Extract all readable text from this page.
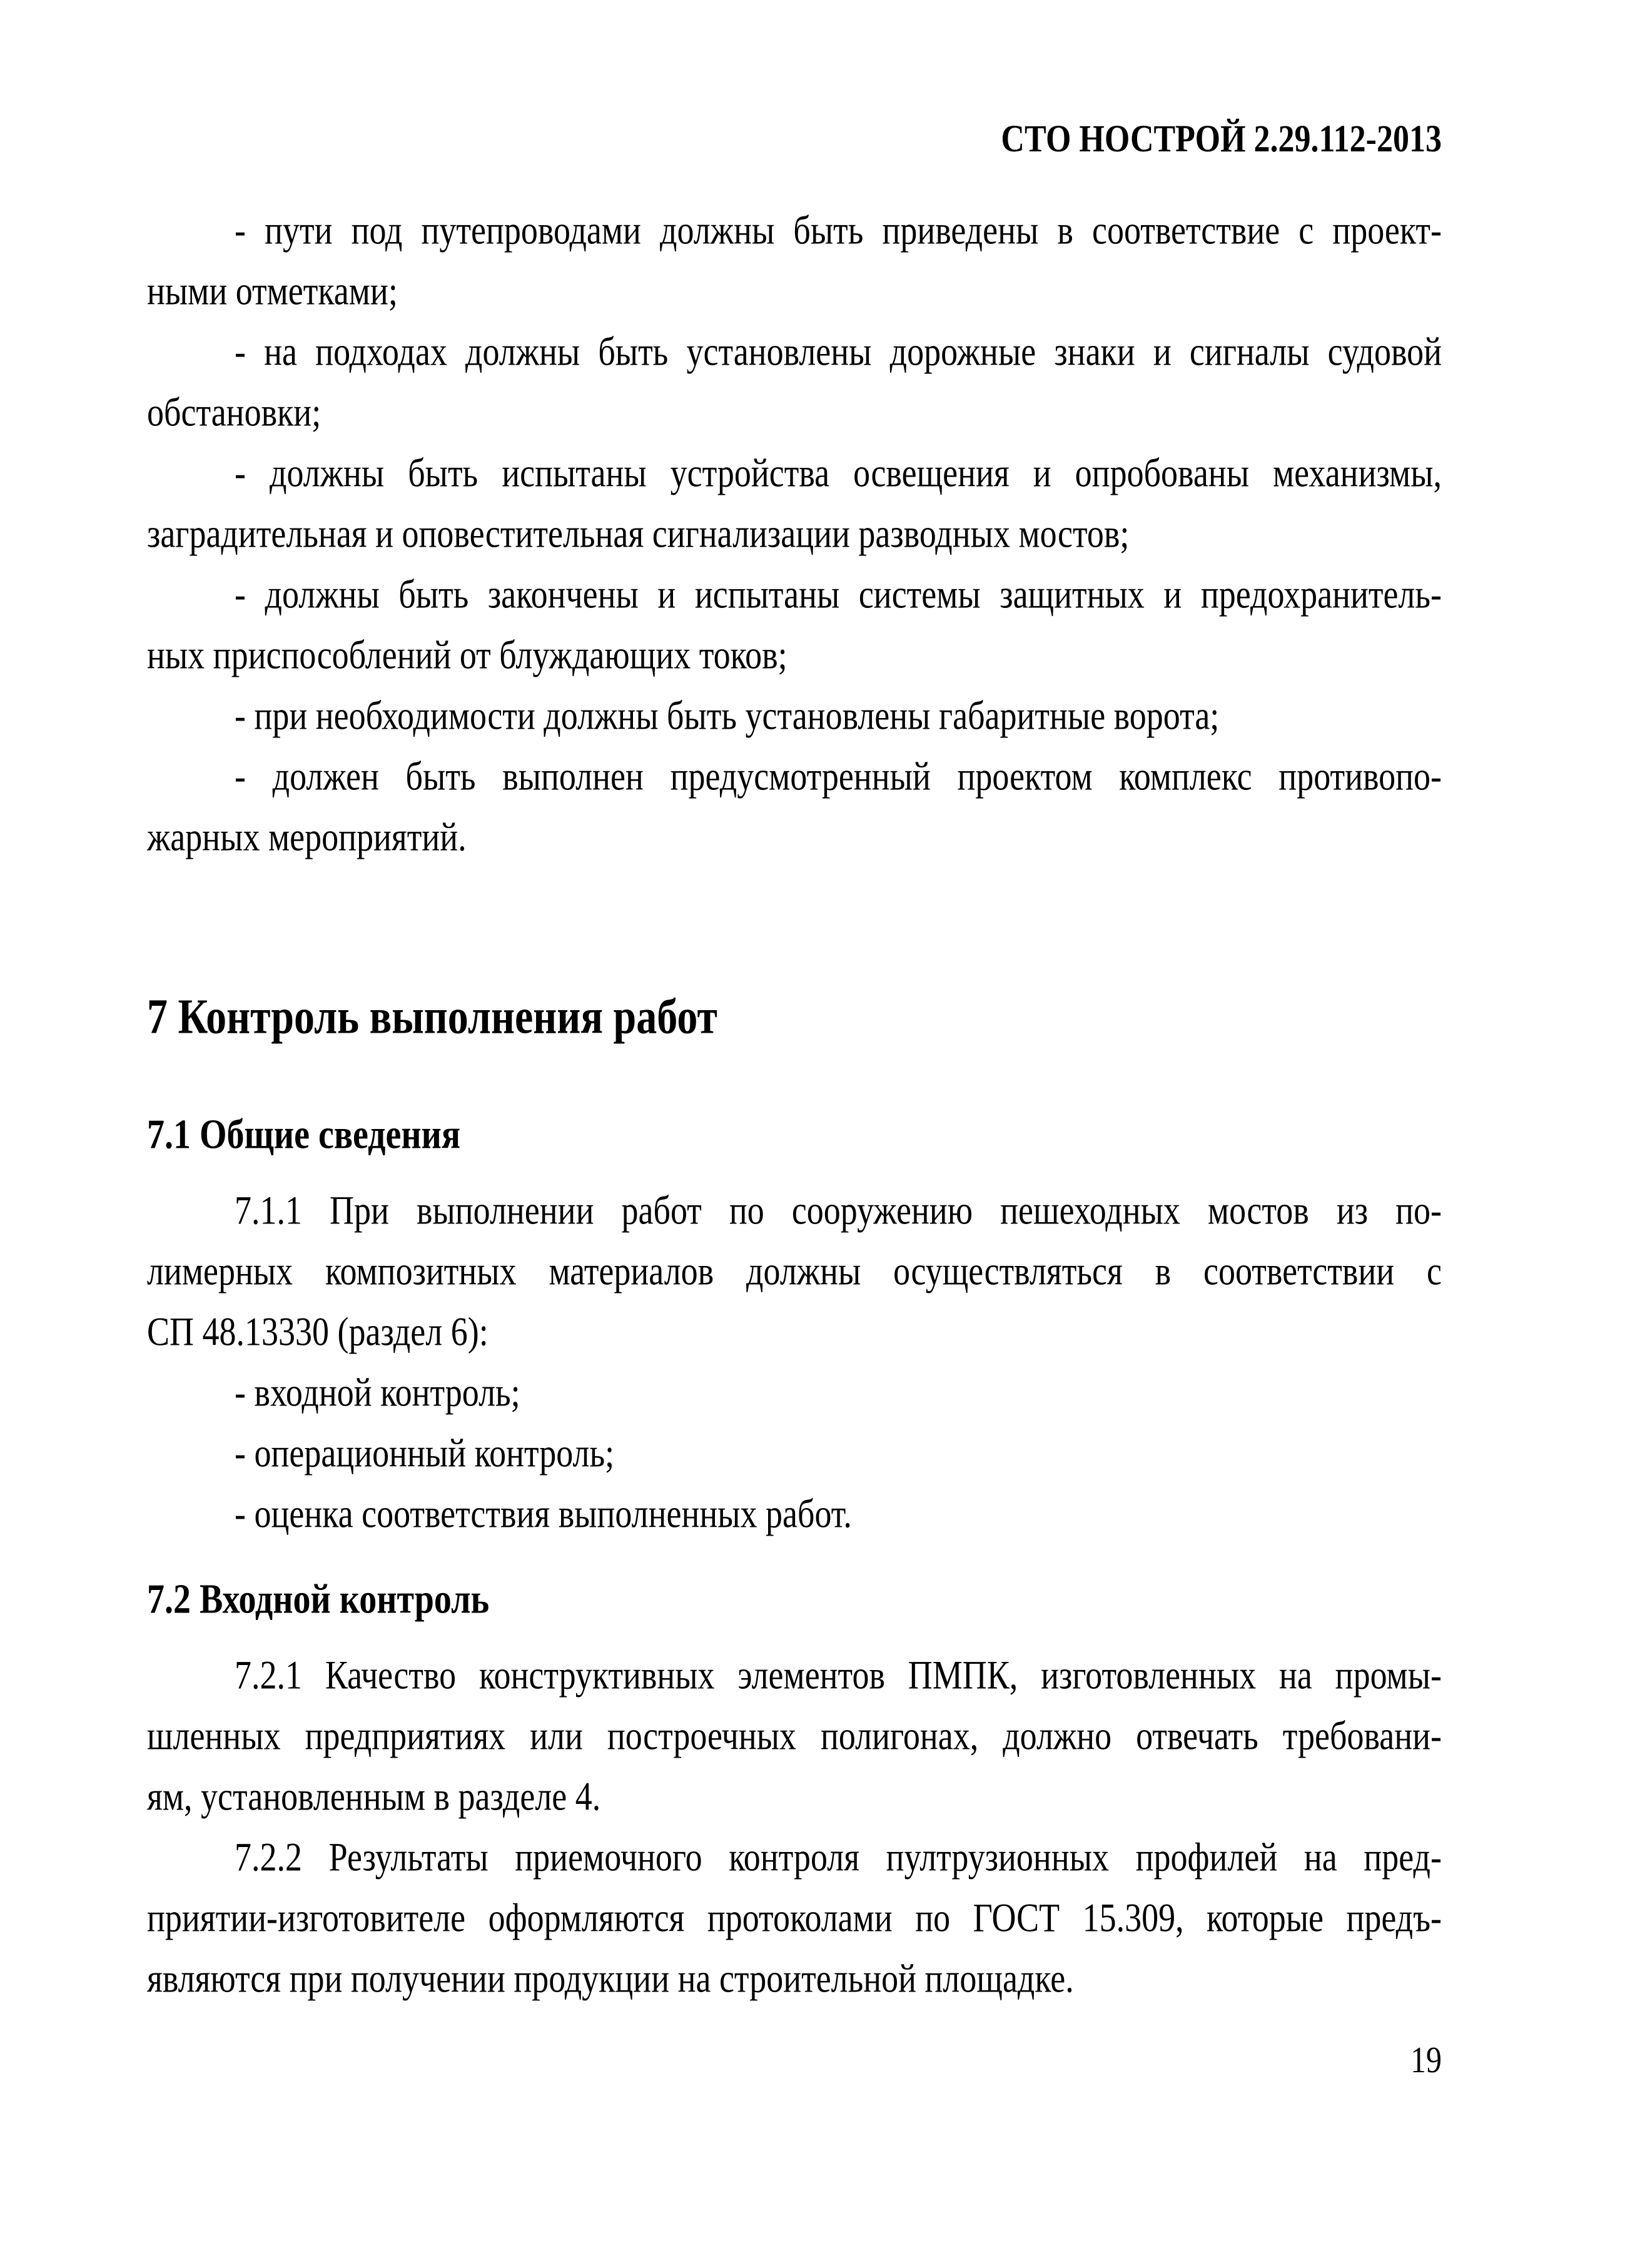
СТО НОСТРОЙ 2.29.112-2013
- пути под путепроводами должны быть приведены в соответствие с проект-
ными отметками;
- на подходах должны быть установлены дорожные знаки и сигналы судовой
обстановки;
- должны быть испытаны устройства освещения и опробованы механизмы,
заградительная и оповестительная сигнализации разводных мостов;
- должны быть закончены и испытаны системы защитных и предохранитель-
ных приспособлений от блуждающих токов;
- при необходимости должны быть установлены габаритные ворота;
- должен быть выполнен предусмотренный проектом комплекс противопо-
жарных мероприятий.
7 Контроль выполнения работ
7.1 Общие сведения
7.1.1 При выполнении работ по сооружению пешеходных мостов из по-
лимерных композитных материалов должны осуществляться в соответствии с
СП 48.13330 (раздел 6):
- входной контроль;
- операционный контроль;
- оценка соответствия выполненных работ.
7.2 Входной контроль
7.2.1 Качество конструктивных элементов ПМПК, изготовленных на промы-
шленных предприятиях или построечных полигонах, должно отвечать требовани-
ям, установленным в разделе 4.
7.2.2 Результаты приемочного контроля пултрузионных профилей на пред-
приятии-изготовителе оформляются протоколами по ГОСТ 15.309, которые предъ-
являются при получении продукции на строительной площадке.
19
